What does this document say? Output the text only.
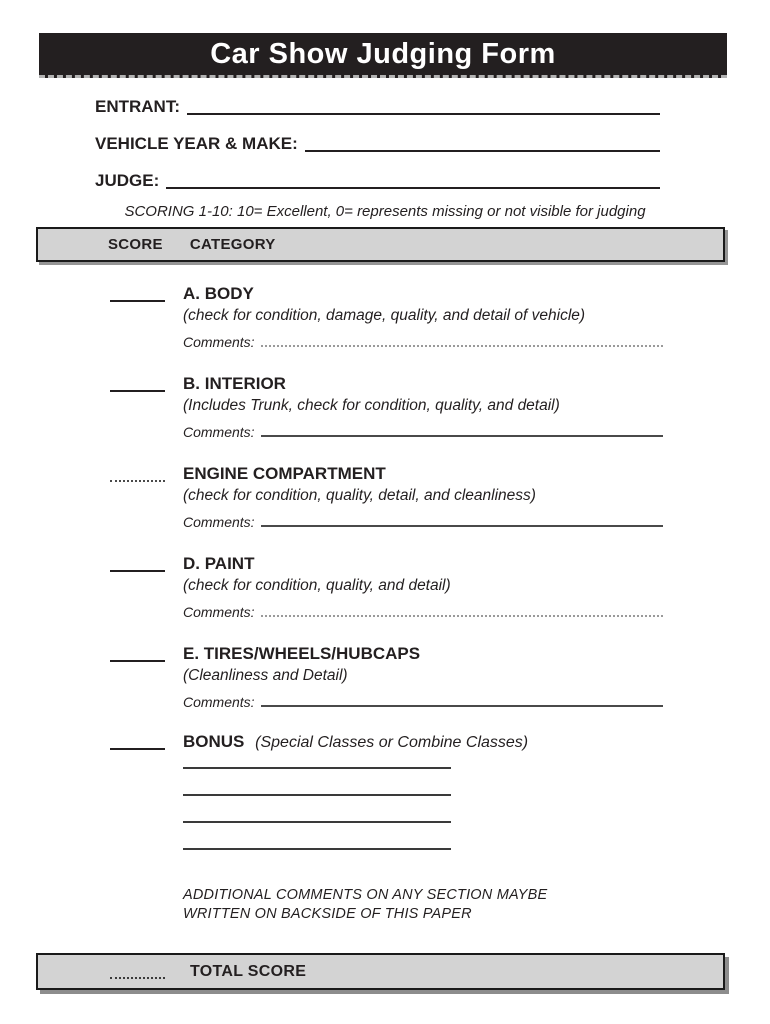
Car Show Judging Form
ENTRANT:
VEHICLE YEAR & MAKE:
JUDGE:
SCORING 1-10: 10= Excellent, 0= represents missing or not visible for judging
SCORE CATEGORY
A. BODY
(check for condition, damage, quality, and detail of vehicle)
Comments:
B. INTERIOR
(Includes Trunk, check for condition, quality, and detail)
Comments:
ENGINE COMPARTMENT
(check for condition, quality, detail, and cleanliness)
Comments:
D. PAINT
(check for condition, quality, and detail)
Comments:
E. TIRES/WHEELS/HUBCAPS
(Cleanliness and Detail)
Comments:
BONUS (Special Classes or Combine Classes)
ADDITIONAL COMMENTS ON ANY SECTION MAYBE
WRITTEN ON BACKSIDE OF THIS PAPER
TOTAL SCORE
